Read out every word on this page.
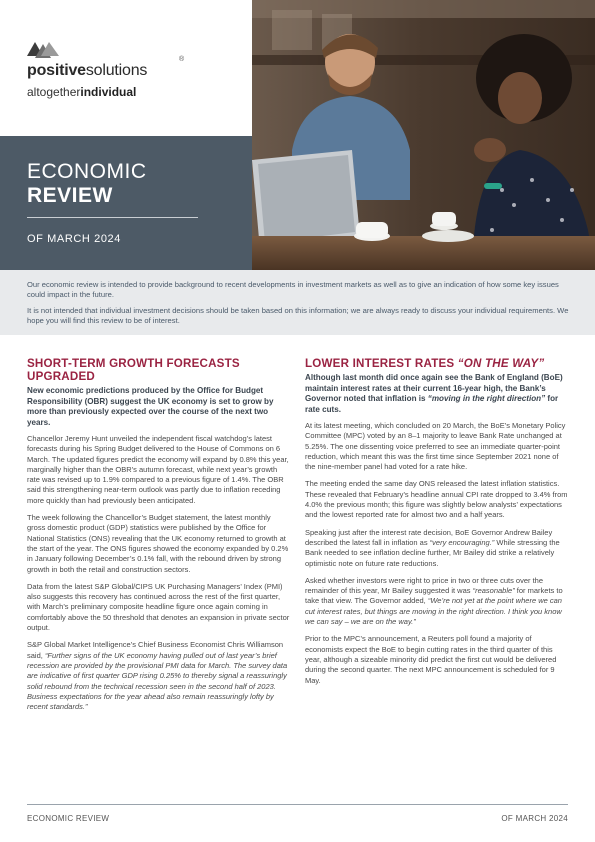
positivesolutions
®
altogetherindividual
ECONOMIC
REVIEW
OF MARCH 2024

Our economic review is intended to provide background to recent developments in investment markets as well as to give an indication of how some key issues could impact in the future.

It is not intended that individual investment decisions should be taken based on this information; we are always ready to discuss your individual requirements. We hope you will find this review to be of interest.

SHORT-TERM GROWTH FORECASTS UPGRADED
New economic predictions produced by the Office for Budget Responsibility (OBR) suggest the UK economy is set to grow by more than previously expected over the course of the next two years.

Chancellor Jeremy Hunt unveiled the independent fiscal watchdog’s latest forecasts during his Spring Budget delivered to the House of Commons on 6 March. The updated figures predict the economy will expand by 0.8% this year, marginally higher than the OBR’s autumn forecast, while next year’s growth rate was revised up to 1.9% compared to a previous figure of 1.4%. The OBR said this strengthening near-term outlook was partly due to inflation receding more quickly than had previously been anticipated.

The week following the Chancellor’s Budget statement, the latest monthly gross domestic product (GDP) statistics were published by the Office for National Statistics (ONS) revealing that the UK economy returned to growth at the start of the year. The ONS figures showed the economy expanded by 0.2% in January following December’s 0.1% fall, with the rebound driven by strong growth in both the retail and construction sectors.

Data from the latest S&P Global/CIPS UK Purchasing Managers’ Index (PMI) also suggests this recovery has continued across the rest of the first quarter, with March’s preliminary composite headline figure once again coming in comfortably above the 50 threshold that denotes an expansion in private sector output.

S&P Global Market Intelligence’s Chief Business Economist Chris Williamson said, “Further signs of the UK economy having pulled out of last year’s brief recession are provided by the provisional PMI data for March. The survey data are indicative of first quarter GDP rising 0.25% to thereby signal a reassuringly solid rebound from the technical recession seen in the second half of 2023. Business expectations for the year ahead also remain reassuringly lofty by recent standards.”

LOWER INTEREST RATES “ON THE WAY”
Although last month did once again see the Bank of England (BoE) maintain interest rates at their current 16-year high, the Bank’s Governor noted that inflation is “moving in the right direction” for rate cuts.

At its latest meeting, which concluded on 20 March, the BoE’s Monetary Policy Committee (MPC) voted by an 8–1 majority to leave Bank Rate unchanged at 5.25%. The one dissenting voice preferred to see an immediate quarter-point reduction, which meant this was the first time since September 2021 none of the nine-member panel had voted for a rate hike.

The meeting ended the same day ONS released the latest inflation statistics. These revealed that February’s headline annual CPI rate dropped to 3.4% from 4.0% the previous month; this figure was slightly below analysts’ expectations and the lowest reported rate for almost two and a half years.

Speaking just after the interest rate decision, BoE Governor Andrew Bailey described the latest fall in inflation as “very encouraging.” While stressing the Bank needed to see inflation decline further, Mr Bailey did strike a relatively optimistic note on future rate reductions.

Asked whether investors were right to price in two or three cuts over the remainder of this year, Mr Bailey suggested it was “reasonable” for markets to take that view. The Governor added, “We’re not yet at the point where we can cut interest rates, but things are moving in the right direction. I think you know we can say – we are on the way.”

Prior to the MPC’s announcement, a Reuters poll found a majority of economists expect the BoE to begin cutting rates in the third quarter of this year, although a sizeable minority did predict the first cut would be delivered during the second quarter. The next MPC announcement is scheduled for 9 May.

ECONOMIC REVIEW	OF MARCH 2024
